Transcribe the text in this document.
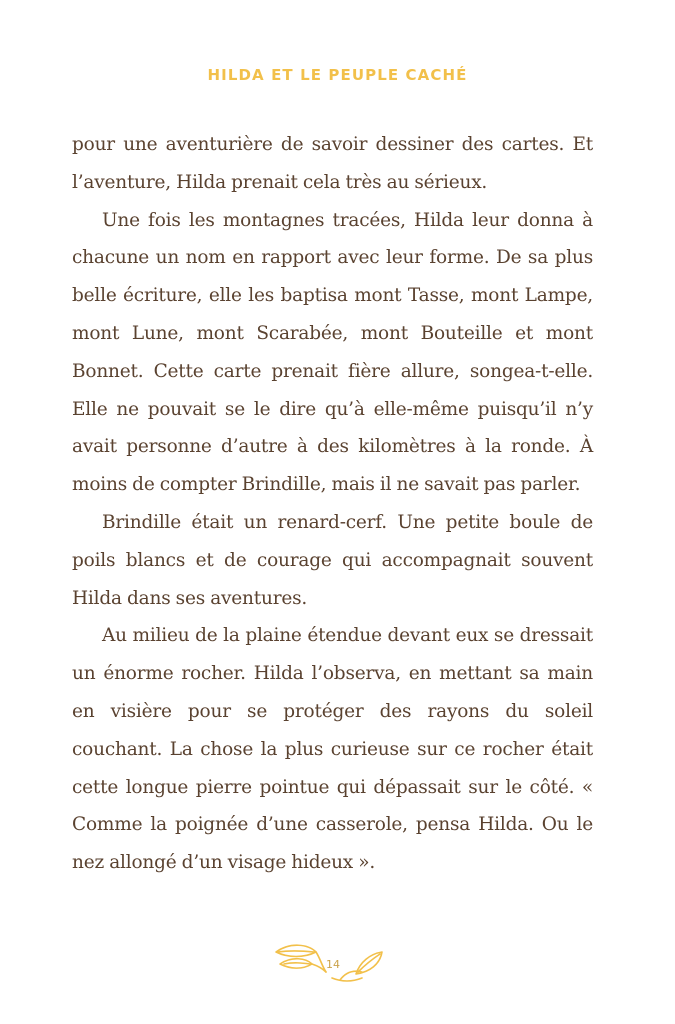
HILDA ET LE PEUPLE CACHÉ

pour une aventurière de savoir dessiner des cartes. Et l’aventure, Hilda prenait cela très au sérieux.

Une fois les montagnes tracées, Hilda leur donna à chacune un nom en rapport avec leur forme. De sa plus belle écriture, elle les baptisa mont Tasse, mont Lampe, mont Lune, mont Scarabée, mont Bouteille et mont Bonnet. Cette carte prenait fière allure, songea-t-elle. Elle ne pouvait se le dire qu’à elle-même puisqu’il n’y avait personne d’autre à des kilomètres à la ronde. À moins de compter Brindille, mais il ne savait pas parler.

Brindille était un renard-cerf. Une petite boule de poils blancs et de courage qui accompagnait souvent Hilda dans ses aventures.

Au milieu de la plaine étendue devant eux se dressait un énorme rocher. Hilda l’observa, en mettant sa main en visière pour se protéger des rayons du soleil couchant. La chose la plus curieuse sur ce rocher était cette longue pierre pointue qui dépassait sur le côté. « Comme la poignée d’une casserole, pensa Hilda. Ou le nez allongé d’un visage hideux ».

14
